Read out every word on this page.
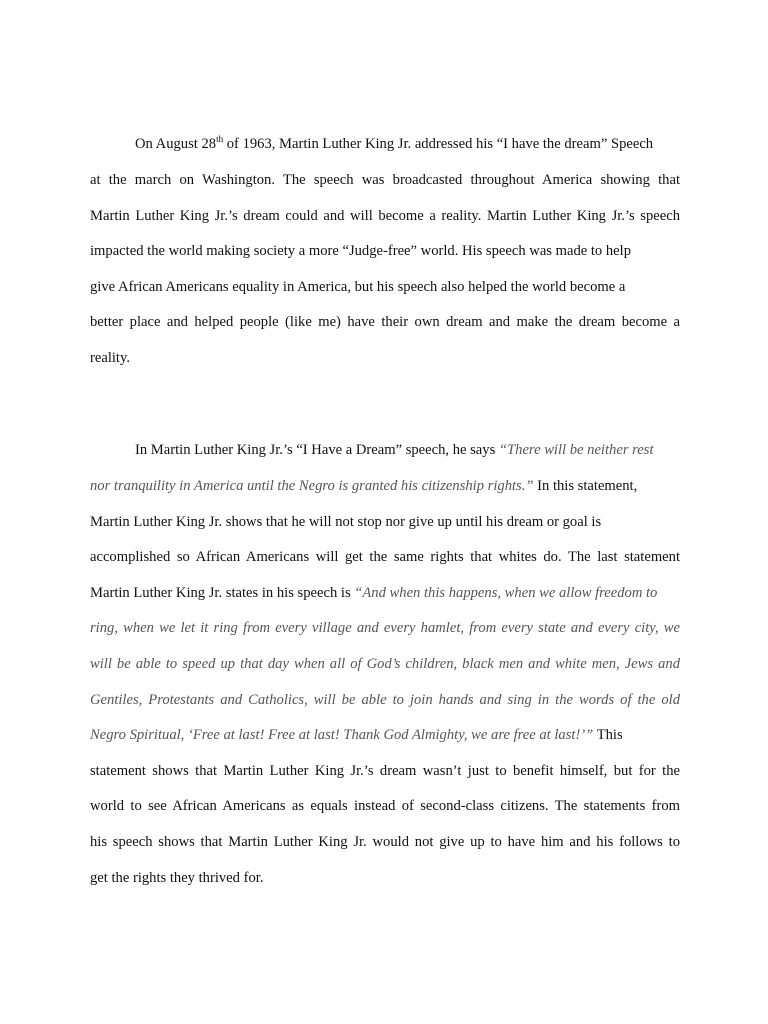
On August 28th of 1963, Martin Luther King Jr. addressed his “I have the dream” Speech
at the march on Washington. The speech was broadcasted throughout America showing that
Martin Luther King Jr.’s dream could and will become a reality. Martin Luther King Jr.’s speech
impacted the world making society a more “Judge-free” world. His speech was made to help
give African Americans equality in America, but his speech also helped the world become a
better place and helped people (like me) have their own dream and make the dream become a
reality.
In Martin Luther King Jr.’s “I Have a Dream” speech, he says “There will be neither rest
nor tranquility in America until the Negro is granted his citizenship rights.” In this statement,
Martin Luther King Jr. shows that he will not stop nor give up until his dream or goal is
accomplished so African Americans will get the same rights that whites do. The last statement
Martin Luther King Jr. states in his speech is “And when this happens, when we allow freedom to
ring, when we let it ring from every village and every hamlet, from every state and every city, we
will be able to speed up that day when all of God’s children, black men and white men, Jews and
Gentiles, Protestants and Catholics, will be able to join hands and sing in the words of the old
Negro Spiritual, ‘Free at last! Free at last! Thank God Almighty, we are free at last!’” This
statement shows that Martin Luther King Jr.’s dream wasn’t just to benefit himself, but for the
world to see African Americans as equals instead of second-class citizens. The statements from
his speech shows that Martin Luther King Jr. would not give up to have him and his follows to
get the rights they thrived for.
